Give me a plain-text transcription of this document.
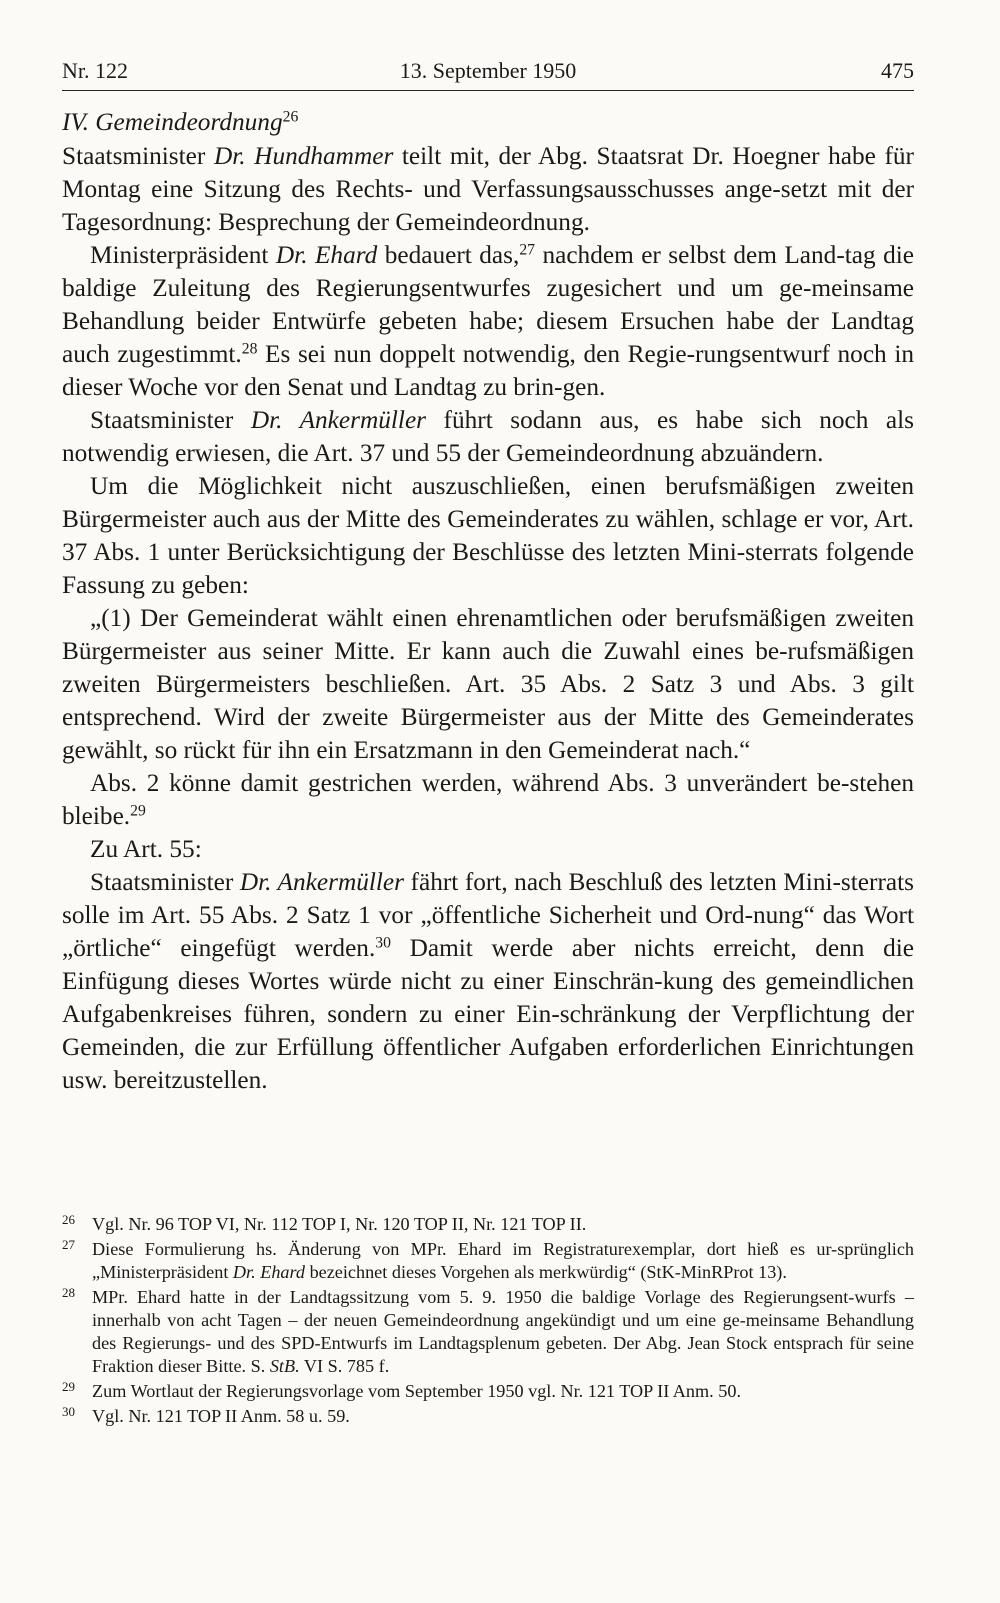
Nr. 122	13. September 1950	475

IV. Gemeindeordnung$^{26}$

Staatsminister Dr. Hundhammer teilt mit, der Abg. Staatsrat Dr. Hoegner habe für Montag eine Sitzung des Rechts- und Verfassungsausschusses ange-setzt mit der Tagesordnung: Besprechung der Gemeindeordnung.

Ministerpräsident Dr. Ehard bedauert das,$^{27}$ nachdem er selbst dem Land-tag die baldige Zuleitung des Regierungsentwurfes zugesichert und um ge-meinsame Behandlung beider Entwürfe gebeten habe; diesem Ersuchen habe der Landtag auch zugestimmt.$^{28}$ Es sei nun doppelt notwendig, den Regie-rungsentwurf noch in dieser Woche vor den Senat und Landtag zu brin-gen.

Staatsminister Dr. Ankermüller führt sodann aus, es habe sich noch als notwendig erwiesen, die Art. 37 und 55 der Gemeindeordnung abzuändern.

Um die Möglichkeit nicht auszuschließen, einen berufsmäßigen zweiten Bürgermeister auch aus der Mitte des Gemeinderates zu wählen, schlage er vor, Art. 37 Abs. 1 unter Berücksichtigung der Beschlüsse des letzten Mini-sterrats folgende Fassung zu geben:

„(1) Der Gemeinderat wählt einen ehrenamtlichen oder berufsmäßigen zweiten Bürgermeister aus seiner Mitte. Er kann auch die Zuwahl eines be-rufsmäßigen zweiten Bürgermeisters beschließen. Art. 35 Abs. 2 Satz 3 und Abs. 3 gilt entsprechend. Wird der zweite Bürgermeister aus der Mitte des Gemeinderates gewählt, so rückt für ihn ein Ersatzmann in den Gemeinderat nach.“

Abs. 2 könne damit gestrichen werden, während Abs. 3 unverändert be-stehen bleibe.$^{29}$

Zu Art. 55:

Staatsminister Dr. Ankermüller fährt fort, nach Beschluß des letzten Mini-sterrats solle im Art. 55 Abs. 2 Satz 1 vor „öffentliche Sicherheit und Ord-nung“ das Wort „örtliche“ eingefügt werden.$^{30}$ Damit werde aber nichts erreicht, denn die Einfügung dieses Wortes würde nicht zu einer Einschrän-kung des gemeindlichen Aufgabenkreises führen, sondern zu einer Ein-schränkung der Verpflichtung der Gemeinden, die zur Erfüllung öffentlicher Aufgaben erforderlichen Einrichtungen usw. bereitzustellen.

26 Vgl. Nr. 96 TOP VI, Nr. 112 TOP I, Nr. 120 TOP II, Nr. 121 TOP II.
27 Diese Formulierung hs. Änderung von MPr. Ehard im Registraturexemplar, dort hieß es ur-sprünglich „Ministerpräsident Dr. Ehard bezeichnet dieses Vorgehen als merkwürdig“ (StK-MinRProt 13).
28 MPr. Ehard hatte in der Landtagssitzung vom 5. 9. 1950 die baldige Vorlage des Regierungsent-wurfs – innerhalb von acht Tagen – der neuen Gemeindeordnung angekündigt und um eine ge-meinsame Behandlung des Regierungs- und des SPD-Entwurfs im Landtagsplenum gebeten. Der Abg. Jean Stock entsprach für seine Fraktion dieser Bitte. S. StB. VI S. 785 f.
29 Zum Wortlaut der Regierungsvorlage vom September 1950 vgl. Nr. 121 TOP II Anm. 50.
30 Vgl. Nr. 121 TOP II Anm. 58 u. 59.
